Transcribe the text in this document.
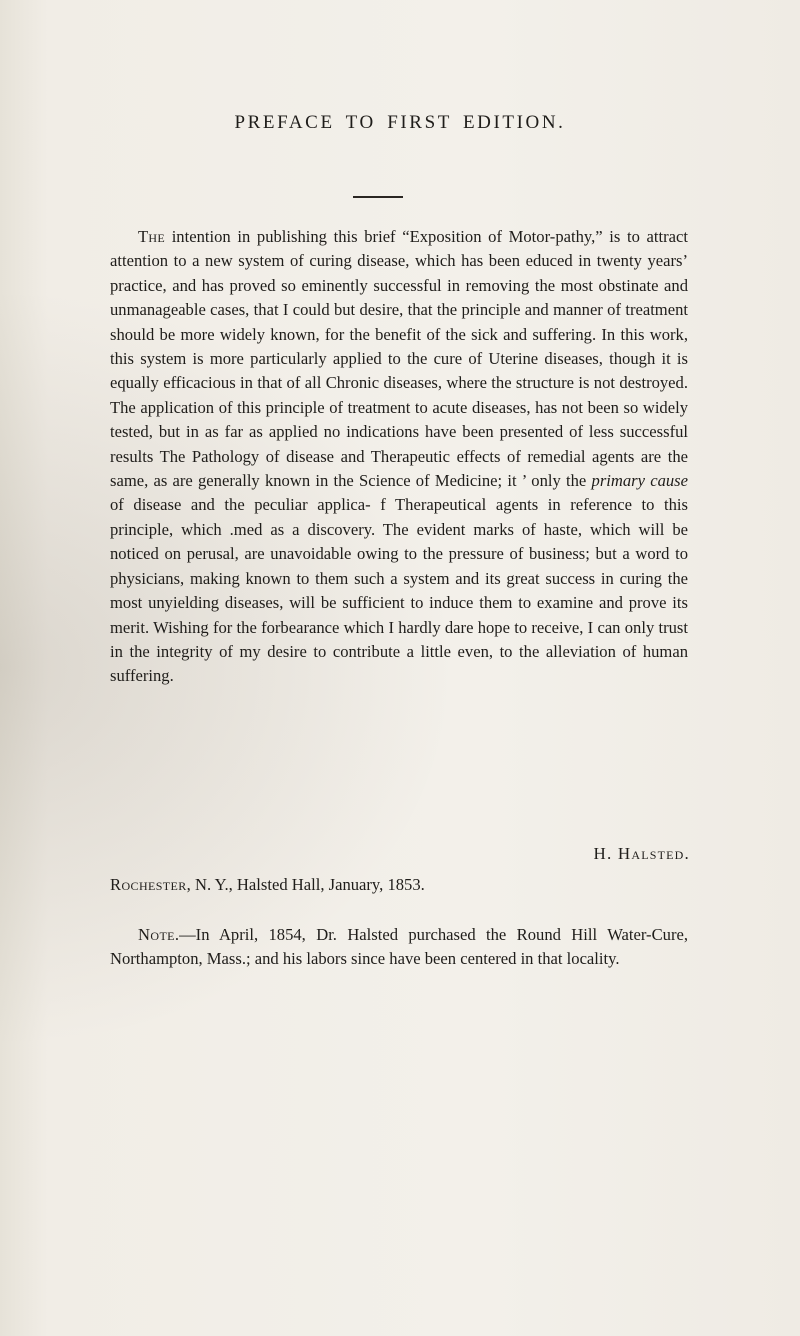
PREFACE TO FIRST EDITION.

The intention in publishing this brief “Exposition of Motor-pathy,” is to attract attention to a new system of curing disease, which has been educed in twenty years’ practice, and has proved so eminently successful in removing the most obstinate and unmanageable cases, that I could but desire, that the principle and manner of treatment should be more widely known, for the benefit of the sick and suffering. In this work, this system is more particularly applied to the cure of Uterine diseases, though it is equally efficacious in that of all Chronic diseases, where the structure is not destroyed. The application of this principle of treatment to acute diseases, has not been so widely tested, but in as far as applied no indications have been presented of less successful results The Pathology of disease and Therapeutic effects of remedial agents are the same, as are generally known in the Science of Medicine; it ’ only the primary cause of disease and the peculiar applica- f Therapeutical agents in reference to this principle, which .med as a discovery. The evident marks of haste, which will be noticed on perusal, are unavoidable owing to the pressure of business; but a word to physicians, making known to them such a system and its great success in curing the most unyielding diseases, will be sufficient to induce them to examine and prove its merit. Wishing for the forbearance which I hardly dare hope to receive, I can only trust in the integrity of my desire to contribute a little even, to the alleviation of human suffering.

H. Halsted.

Rochester, N. Y., Halsted Hall, January, 1853.

Note.—In April, 1854, Dr. Halsted purchased the Round Hill Water-Cure, Northampton, Mass.; and his labors since have been centered in that locality.
